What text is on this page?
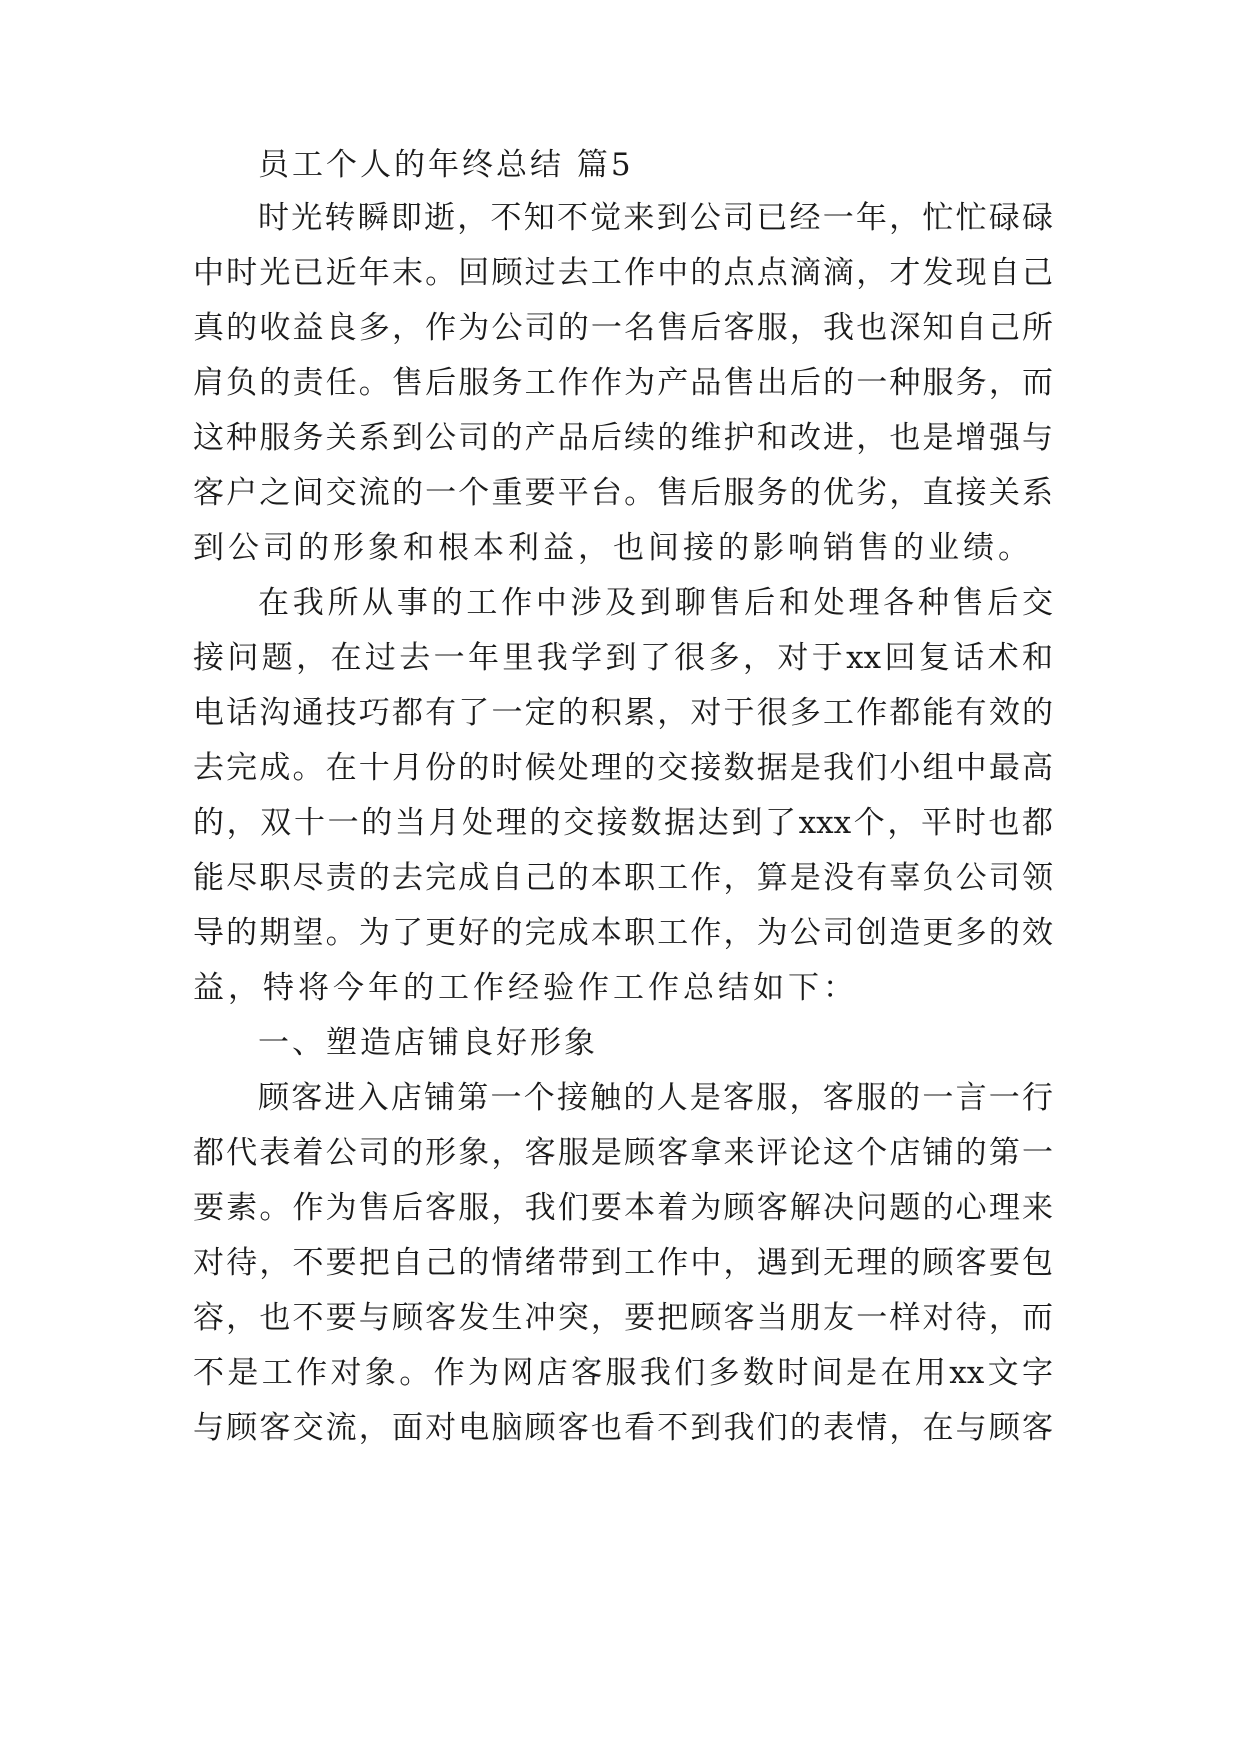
员工个人的年终总结 篇5
时光转瞬即逝，不知不觉来到公司已经一年，忙忙碌碌
中时光已近年末。回顾过去工作中的点点滴滴，才发现自己
真的收益良多，作为公司的一名售后客服，我也深知自己所
肩负的责任。售后服务工作作为产品售出后的一种服务，而
这种服务关系到公司的产品后续的维护和改进，也是增强与
客户之间交流的一个重要平台。售后服务的优劣，直接关系
到公司的形象和根本利益，也间接的影响销售的业绩。
在我所从事的工作中涉及到聊售后和处理各种售后交
接问题，在过去一年里我学到了很多，对于xx回复话术和
电话沟通技巧都有了一定的积累，对于很多工作都能有效的
去完成。在十月份的时候处理的交接数据是我们小组中最高
的，双十一的当月处理的交接数据达到了xxx个，平时也都
能尽职尽责的去完成自己的本职工作，算是没有辜负公司领
导的期望。为了更好的完成本职工作，为公司创造更多的效
益，特将今年的工作经验作工作总结如下：
一、塑造店铺良好形象
顾客进入店铺第一个接触的人是客服，客服的一言一行
都代表着公司的形象，客服是顾客拿来评论这个店铺的第一
要素。作为售后客服，我们要本着为顾客解决问题的心理来
对待，不要把自己的情绪带到工作中，遇到无理的顾客要包
容，也不要与顾客发生冲突，要把顾客当朋友一样对待，而
不是工作对象。作为网店客服我们多数时间是在用xx文字
与顾客交流，面对电脑顾客也看不到我们的表情，在与顾客
